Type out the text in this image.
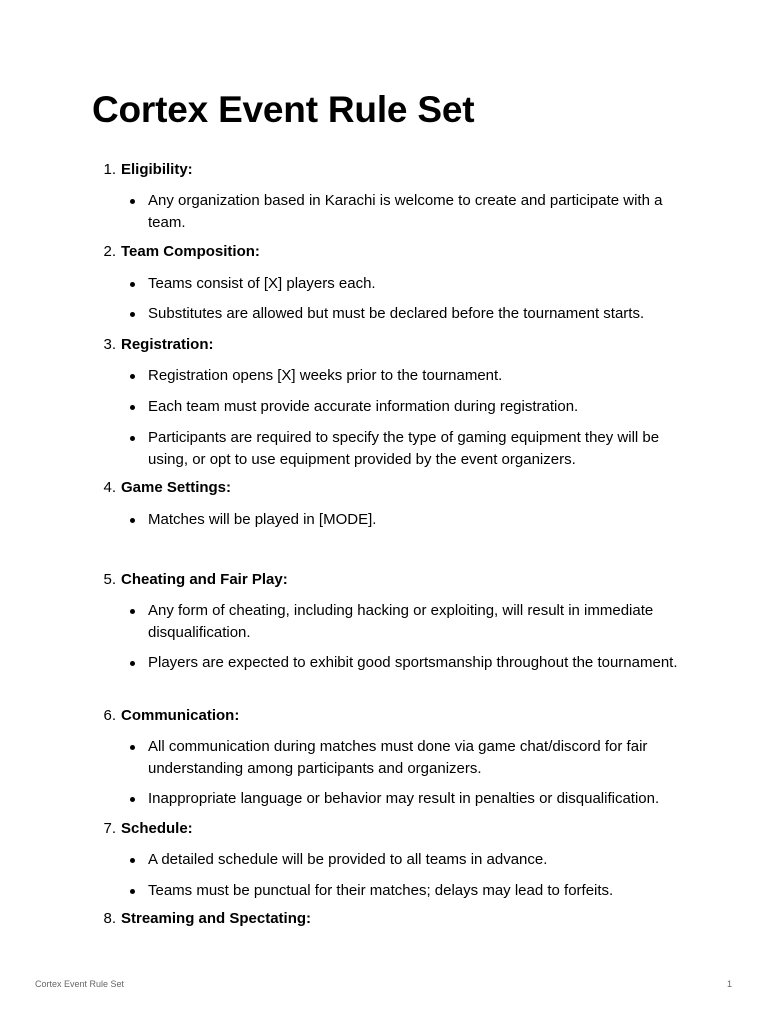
Cortex Event Rule Set
1. Eligibility:
Any organization based in Karachi is welcome to create and participate with a team.
2. Team Composition:
Teams consist of [X] players each.
Substitutes are allowed but must be declared before the tournament starts.
3. Registration:
Registration opens [X] weeks prior to the tournament.
Each team must provide accurate information during registration.
Participants are required to specify the type of gaming equipment they will be using, or opt to use equipment provided by the event organizers.
4. Game Settings:
Matches will be played in [MODE].
5. Cheating and Fair Play:
Any form of cheating, including hacking or exploiting, will result in immediate disqualification.
Players are expected to exhibit good sportsmanship throughout the tournament.
6. Communication:
All communication during matches must done via game chat/discord for fair understanding among participants and organizers.
Inappropriate language or behavior may result in penalties or disqualification.
7. Schedule:
A detailed schedule will be provided to all teams in advance.
Teams must be punctual for their matches; delays may lead to forfeits.
8. Streaming and Spectating:
Cortex Event Rule Set	1
